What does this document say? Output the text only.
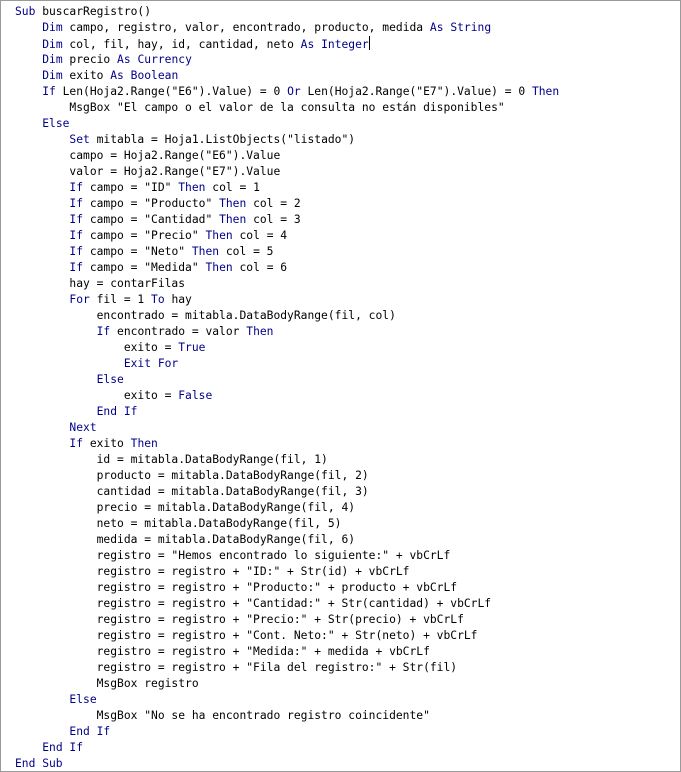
Sub buscarRegistro()
Dim campo, registro, valor, encontrado, producto, medida As String
Dim col, fil, hay, id, cantidad, neto As Integer
Dim precio As Currency
Dim exito As Boolean
If Len(Hoja2.Range("E6").Value) = 0 Or Len(Hoja2.Range("E7").Value) = 0 Then
MsgBox "El campo o el valor de la consulta no están disponibles"
Else
Set mitabla = Hoja1.ListObjects("listado")
campo = Hoja2.Range("E6").Value
valor = Hoja2.Range("E7").Value
If campo = "ID" Then col = 1
If campo = "Producto" Then col = 2
If campo = "Cantidad" Then col = 3
If campo = "Precio" Then col = 4
If campo = "Neto" Then col = 5
If campo = "Medida" Then col = 6
hay = contarFilas
For fil = 1 To hay
encontrado = mitabla.DataBodyRange(fil, col)
If encontrado = valor Then
exito = True
Exit For
Else
exito = False
End If
Next
If exito Then
id = mitabla.DataBodyRange(fil, 1)
producto = mitabla.DataBodyRange(fil, 2)
cantidad = mitabla.DataBodyRange(fil, 3)
precio = mitabla.DataBodyRange(fil, 4)
neto = mitabla.DataBodyRange(fil, 5)
medida = mitabla.DataBodyRange(fil, 6)
registro = "Hemos encontrado lo siguiente:" + vbCrLf
registro = registro + "ID:" + Str(id) + vbCrLf
registro = registro + "Producto:" + producto + vbCrLf
registro = registro + "Cantidad:" + Str(cantidad) + vbCrLf
registro = registro + "Precio:" + Str(precio) + vbCrLf
registro = registro + "Cont. Neto:" + Str(neto) + vbCrLf
registro = registro + "Medida:" + medida + vbCrLf
registro = registro + "Fila del registro:" + Str(fil)
MsgBox registro
Else
MsgBox "No se ha encontrado registro coincidente"
End If
End If
End Sub
